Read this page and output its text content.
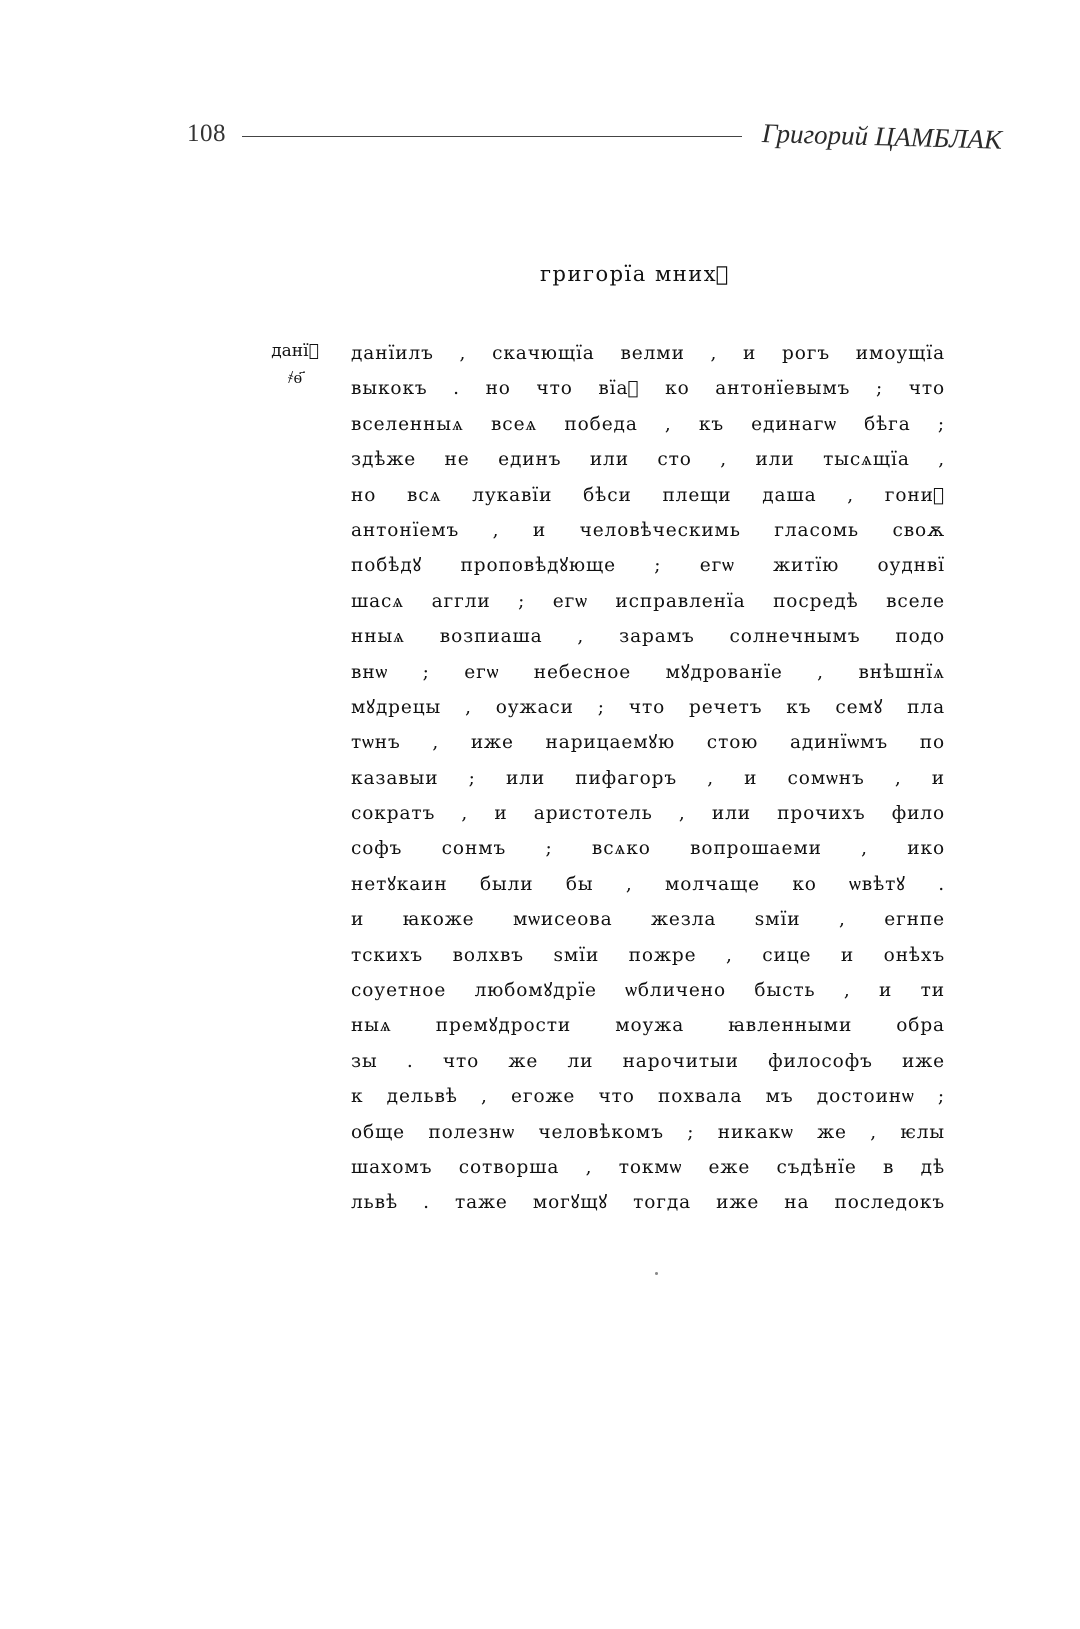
108	Григорий ЦАМБЛАК
григорїа мнихⷯ
данїⷧ
҂ѳ҃
данїилъ , скачющїа велми , и рогъ имоущїа
выкокъ . но что вїаⷯ ко антонїевымъ ; что
вселенныѧ всеѧ победа , къ единагѡ бѣга ;
здѣже не единъ или сто , или тысѧщїа ,
но всѧ лукавїи бѣси плещи даша , гониⷨ
антонїемъ , и человѣческимь гласомь своѫ
побѣдꙋ проповѣдꙋюще ; егѡ житїю оуднвї
шасѧ аггли ; егѡ исправленїа посредѣ вселе
нныѧ возпиаша , зарамъ солнечнымъ подо
внѡ ; егѡ небесное мꙋдрованїе , внѣшнїѧ
мꙋдрецы , оужаси ; что речетъ къ семꙋ пла
тѡнъ , иже нарицаемꙋю стою адинїѡмъ по
казавыи ; или пифагоръ , и сомѡнъ , и
сократъ , и аристотель , или прочихъ фило
софъ сонмъ ; всѧко вопрошаеми , ико
нетꙋкаин были бы , молчаще ко ѡвѣтꙋ .
и ꙗкоже мѡисеова жезла ѕмїи , егнпе
тскихъ волхвъ ѕмїи пожре , сице и онѣхъ
соуетное любомꙋдрїе ѡбличено бысть , и ти
ныѧ премꙋдрости моужа ꙗвленными обра
зы . что же ли нарочитыи философъ иже
к дельвѣ , егоже что похвала мъ достоинѡ ;
обще полезнѡ человѣкомъ ; никакѡ же , ѥлы
шахомъ сотворша , токмѡ еже съдѣнїе в дѣ
львѣ . таже могꙋщꙋ тогда иже на последокъ
